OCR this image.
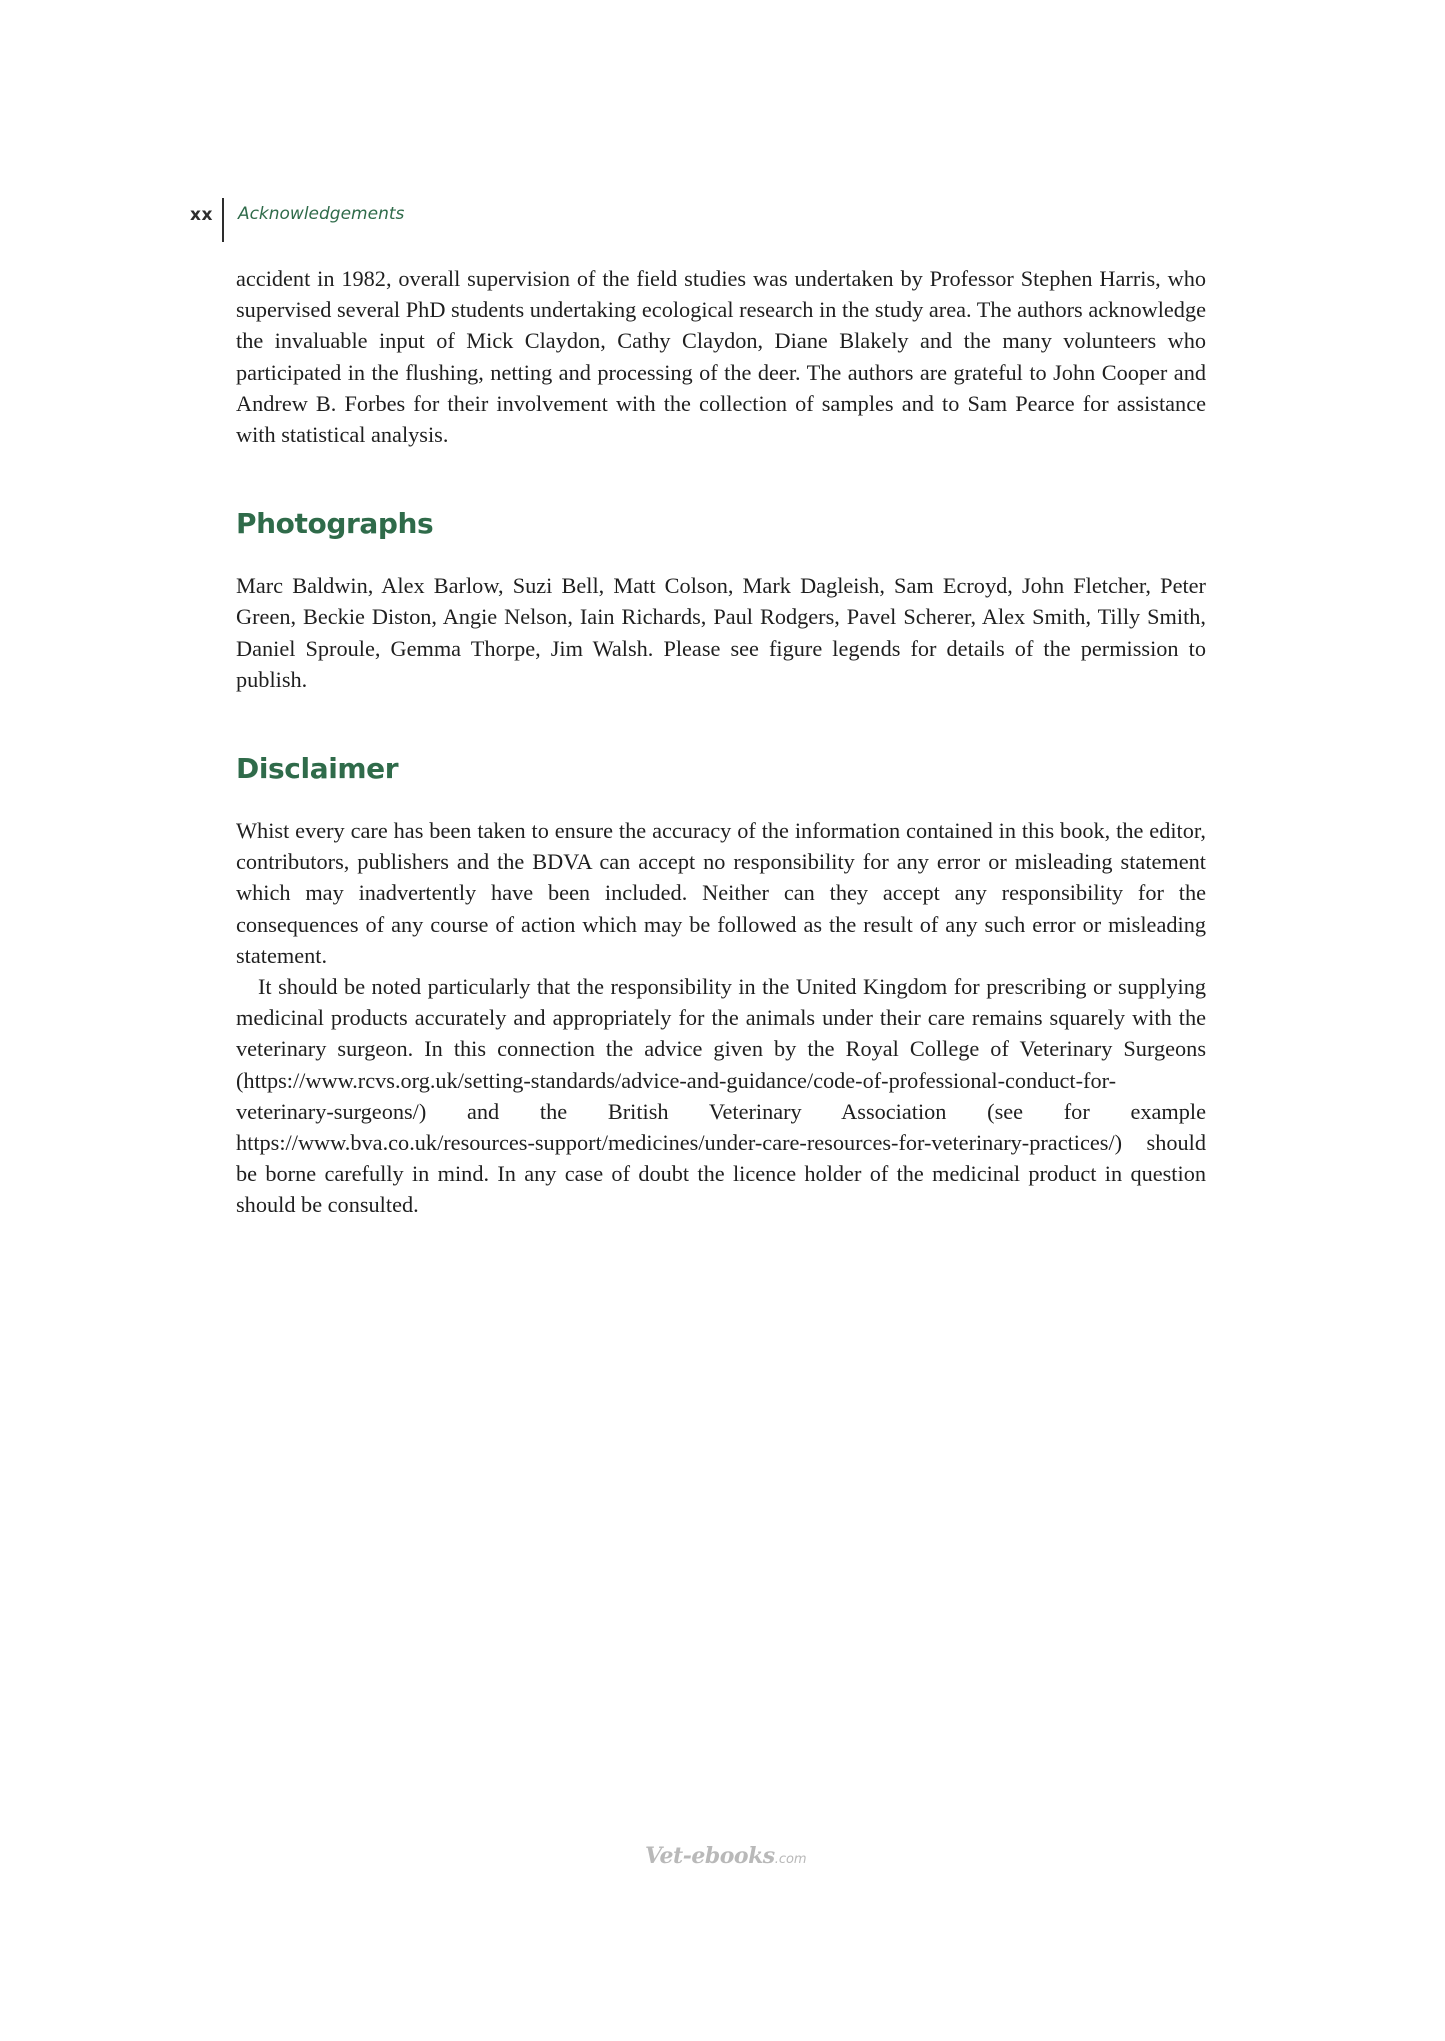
xx	Acknowledgements

accident in 1982, overall supervision of the field studies was undertaken by Professor Stephen Harris, who supervised several PhD students undertaking ecological research in the study area. The authors acknowledge the invaluable input of Mick Claydon, Cathy Claydon, Diane Blakely and the many volunteers who participated in the flushing, netting and processing of the deer. The authors are grateful to John Cooper and Andrew B. Forbes for their involvement with the collection of samples and to Sam Pearce for assistance with statistical analysis.

Photographs

Marc Baldwin, Alex Barlow, Suzi Bell, Matt Colson, Mark Dagleish, Sam Ecroyd, John Fletcher, Peter Green, Beckie Diston, Angie Nelson, Iain Richards, Paul Rodgers, Pavel Scherer, Alex Smith, Tilly Smith, Daniel Sproule, Gemma Thorpe, Jim Walsh. Please see figure legends for details of the permission to publish.

Disclaimer

Whist every care has been taken to ensure the accuracy of the information contained in this book, the editor, contributors, publishers and the BDVA can accept no responsibility for any error or misleading statement which may inadvertently have been included. Neither can they accept any responsibility for the consequences of any course of action which may be followed as the result of any such error or misleading statement.

It should be noted particularly that the responsibility in the United Kingdom for prescribing or supplying medicinal products accurately and appropriately for the animals under their care remains squarely with the veterinary surgeon. In this connection the advice given by the Royal College of Veterinary Surgeons (https://www.rcvs.org.uk/setting-standards/advice-and-guidance/code-of-professional-conduct-for-veterinary-surgeons/) and the British Veterinary Association (see for example https://www.bva.co.uk/resources-support/medicines/under-care-resources-for-veterinary-practices/) should be borne carefully in mind. In any case of doubt the licence holder of the medicinal product in question should be consulted.

Vet-ebooks.com
